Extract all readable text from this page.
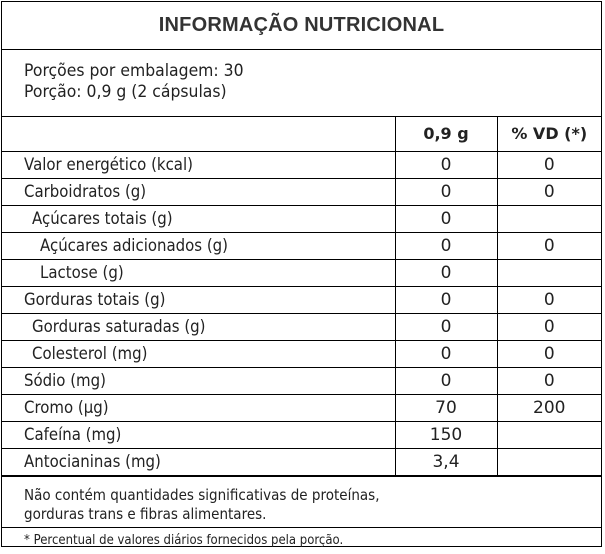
INFORMAÇÃO NUTRICIONAL
Porções por embalagem: 30
Porção: 0,9 g (2 cápsulas)
	0,9 g	% VD (*)
Valor energético (kcal)	0	0
Carboidratos (g)	0	0
Açúcares totais (g)	0	
Açúcares adicionados (g)	0	0
Lactose (g)	0	
Gorduras totais (g)	0	0
Gorduras saturadas (g)	0	0
Colesterol (mg)	0	0
Sódio (mg)	0	0
Cromo (µg)	70	200
Cafeína (mg)	150	
Antocianinas (mg)	3,4	
Não contém quantidades significativas de proteínas,
gorduras trans e fibras alimentares.
* Percentual de valores diários fornecidos pela porção.
